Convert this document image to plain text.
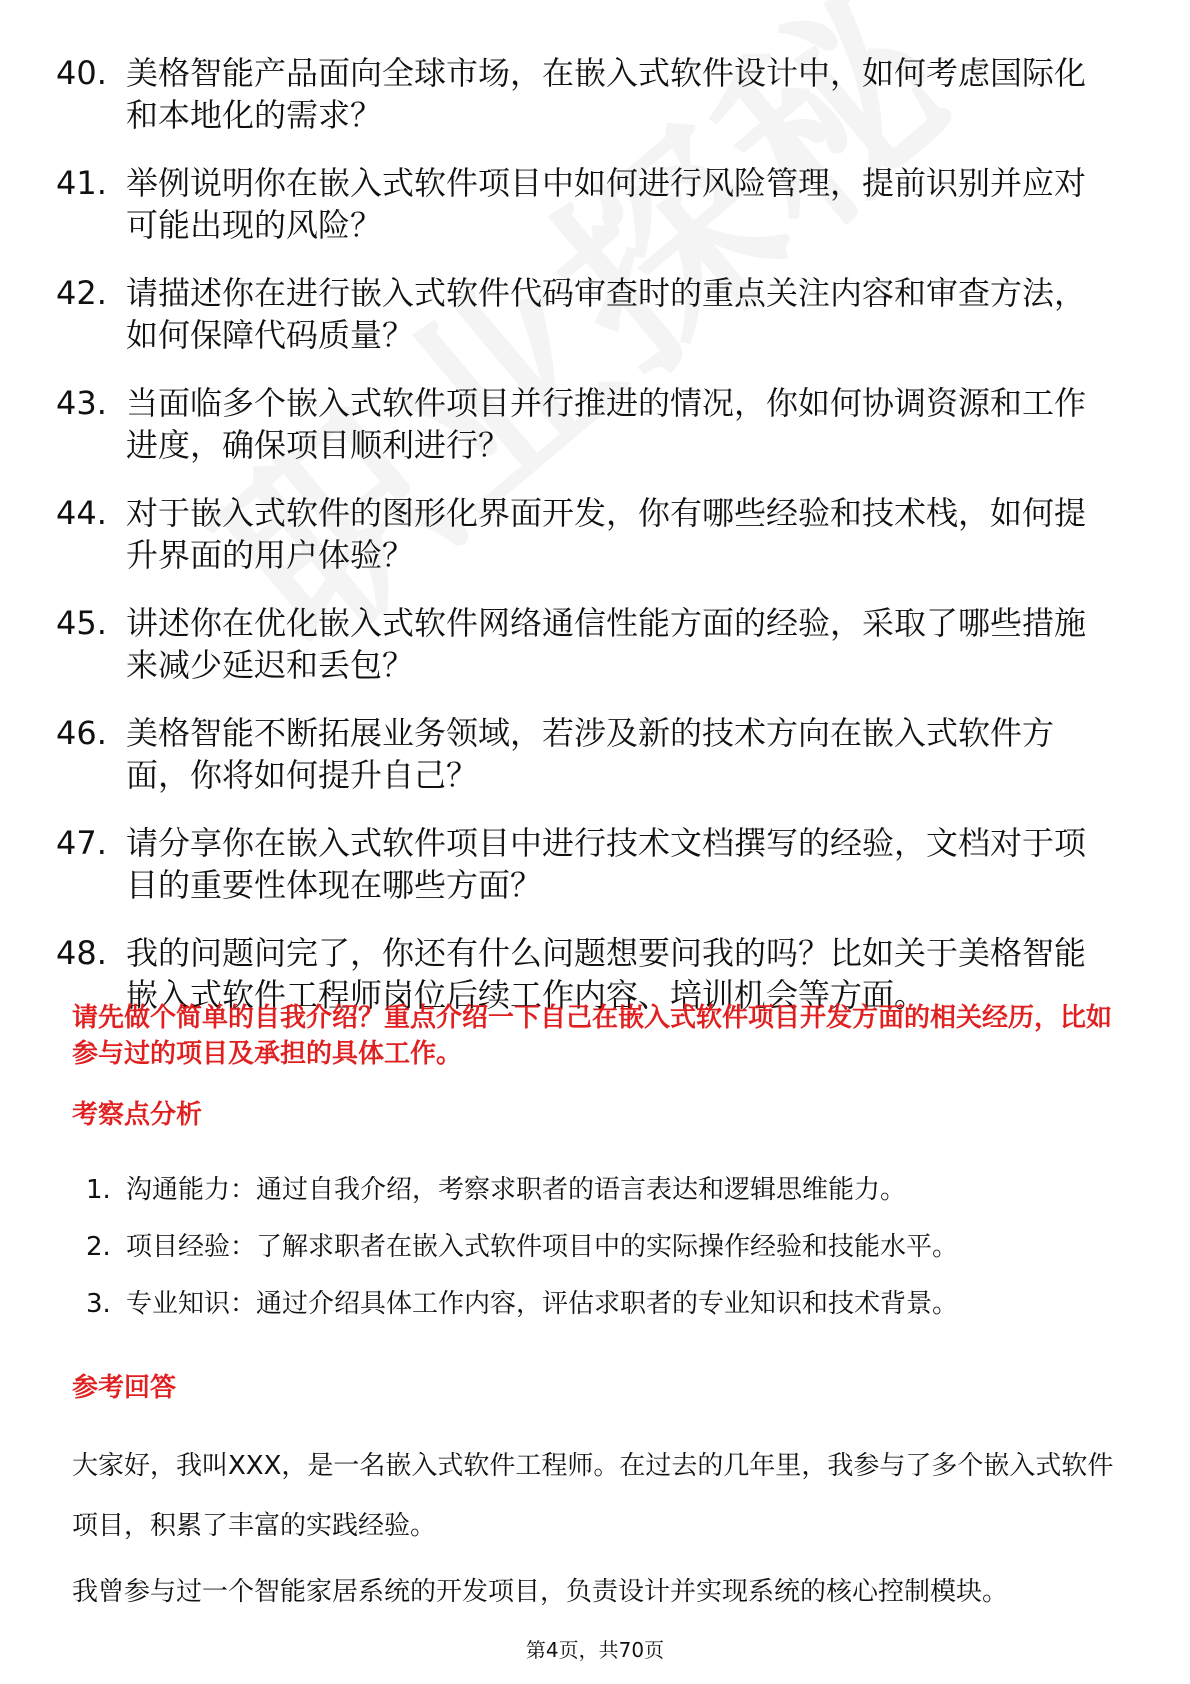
40. 美格智能产品面向全球市场，在嵌入式软件设计中，如何考虑国际化和本地化的需求？
41. 举例说明你在嵌入式软件项目中如何进行风险管理，提前识别并应对可能出现的风险？
42. 请描述你在进行嵌入式软件代码审查时的重点关注内容和审查方法，如何保障代码质量？
43. 当面临多个嵌入式软件项目并行推进的情况，你如何协调资源和工作进度，确保项目顺利进行？
44. 对于嵌入式软件的图形化界面开发，你有哪些经验和技术栈，如何提升界面的用户体验？
45. 讲述你在优化嵌入式软件网络通信性能方面的经验，采取了哪些措施来减少延迟和丢包？
46. 美格智能不断拓展业务领域，若涉及新的技术方向在嵌入式软件方面，你将如何提升自己？
47. 请分享你在嵌入式软件项目中进行技术文档撰写的经验，文档对于项目的重要性体现在哪些方面？
48. 我的问题问完了，你还有什么问题想要问我的吗？比如关于美格智能嵌入式软件工程师岗位后续工作内容、培训机会等方面。
请先做个简单的自我介绍？重点介绍一下自己在嵌入式软件项目开发方面的相关经历，比如参与过的项目及承担的具体工作。
考察点分析
1. 沟通能力：通过自我介绍，考察求职者的语言表达和逻辑思维能力。
2. 项目经验：了解求职者在嵌入式软件项目中的实际操作经验和技能水平。
3. 专业知识：通过介绍具体工作内容，评估求职者的专业知识和技术背景。
参考回答
大家好，我叫XXX，是一名嵌入式软件工程师。在过去的几年里，我参与了多个嵌入式软件项目，积累了丰富的实践经验。
我曾参与过一个智能家居系统的开发项目，负责设计并实现系统的核心控制模块。
第4页，共70页
